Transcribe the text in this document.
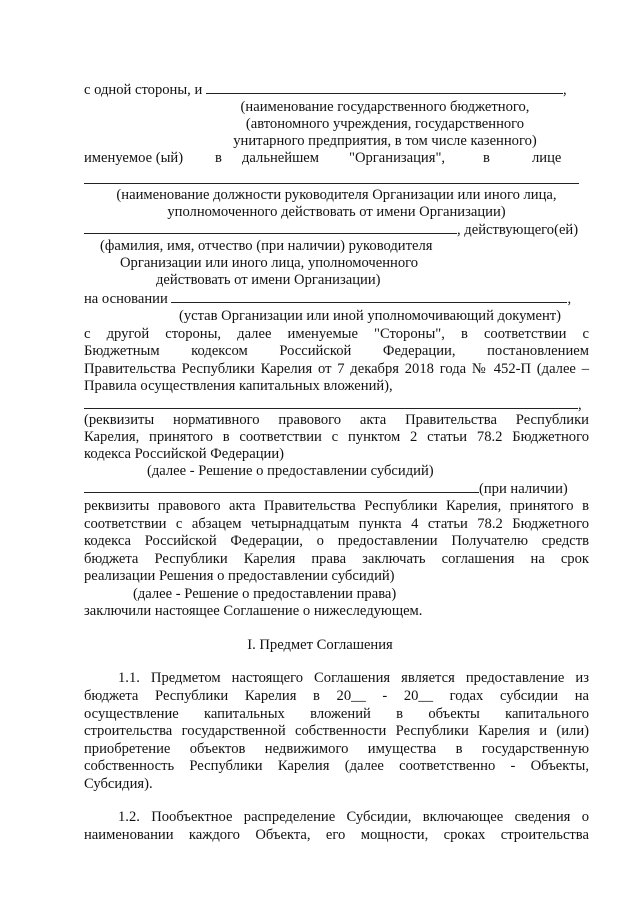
с одной стороны, и	,
(наименование государственного бюджетного,
(автономного учреждения, государственного
унитарного предприятия, в том числе казенного)
именуемое (ый) в дальнейшем "Организация",	в	лице
(наименование должности руководителя Организации или иного лица,
уполномоченного действовать от имени Организации)
, действующего(ей)
(фамилия, имя, отчество (при наличии) руководителя
Организации или иного лица, уполномоченного
действовать от имени Организации)
на основании	,
(устав Организации или иной уполномочивающий документ)
с другой стороны, далее именуемые "Стороны", в соответствии с
Бюджетным кодексом Российской Федерации, постановлением
Правительства Республики Карелия от 7 декабря 2018 года № 452-П (далее –
Правила осуществления капитальных вложений),
,
(реквизиты нормативного правового акта Правительства Республики
Карелия, принятого в соответствии с пунктом 2 статьи 78.2 Бюджетного
кодекса Российской Федерации)
(далее - Решение о предоставлении субсидий)
(при наличии)
реквизиты правового акта Правительства Республики Карелия, принятого в
соответствии с абзацем четырнадцатым пункта 4 статьи 78.2 Бюджетного
кодекса Российской Федерации, о предоставлении Получателю средств
бюджета Республики Карелия права заключать соглашения на срок
реализации Решения о предоставлении субсидий)
(далее - Решение о предоставлении права)
заключили настоящее Соглашение о нижеследующем.
I. Предмет Соглашения
1.1. Предметом настоящего Соглашения является предоставление из
бюджета Республики Карелия в 20__ - 20__ годах субсидии на
осуществление капитальных вложений в объекты капитального
строительства государственной собственности Республики Карелия и (или)
приобретение объектов недвижимого имущества в государственную
собственность Республики Карелия (далее соответственно - Объекты,
Субсидия).
1.2. Пообъектное распределение Субсидии, включающее сведения о
наименовании каждого Объекта, его мощности, сроках строительства
